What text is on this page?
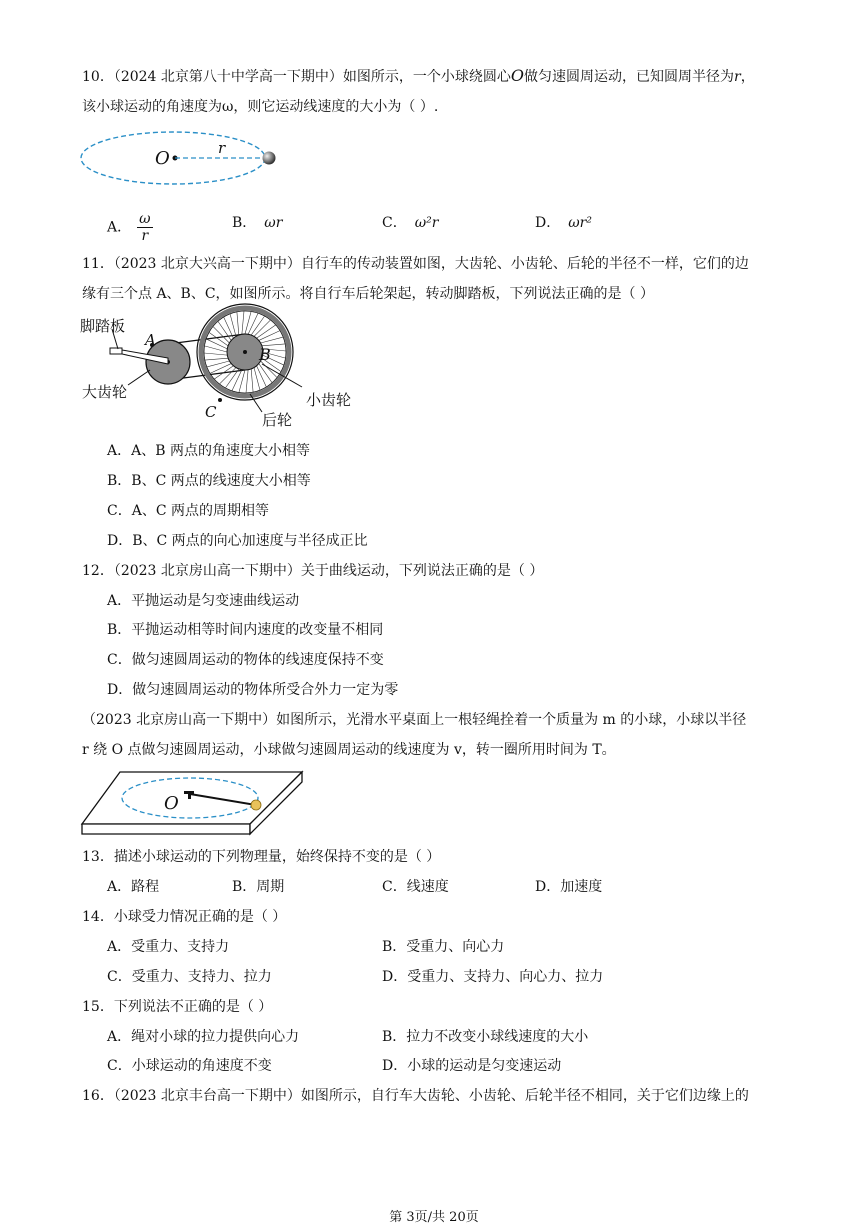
10．（2024 北京第八十中学高一下期中）如图所示，一个小球绕圆心O做匀速圆周运动，已知圆周半径为r，
该小球运动的角速度为ω，则它运动线速度的大小为（ ）.
O	r
A． $\frac{\omega}{r}$	B． ωr	C． ω²r	D． ωr²
11．（2023 北京大兴高一下期中）自行车的传动装置如图，大齿轮、小齿轮、后轮的半径不一样，它们的边
缘有三个点 A、B、C，如图所示。将自行车后轮架起，转动脚踏板，下列说法正确的是（ ）
脚踏板
A
B
大齿轮	小齿轮
C	后轮
A．A、B 两点的角速度大小相等
B．B、C 两点的线速度大小相等
C．A、C 两点的周期相等
D．B、C 两点的向心加速度与半径成正比
12．（2023 北京房山高一下期中）关于曲线运动，下列说法正确的是（ ）
A．平抛运动是匀变速曲线运动
B．平抛运动相等时间内速度的改变量不相同
C．做匀速圆周运动的物体的线速度保持不变
D．做匀速圆周运动的物体所受合外力一定为零
（2023 北京房山高一下期中）如图所示，光滑水平桌面上一根轻绳拴着一个质量为 m 的小球，小球以半径
r 绕 O 点做匀速圆周运动，小球做匀速圆周运动的线速度为 v，转一圈所用时间为 T。
O
13．描述小球运动的下列物理量，始终保持不变的是（ ）
A．路程	B．周期	C．线速度	D．加速度
14．小球受力情况正确的是（ ）
A．受重力、支持力	B．受重力、向心力
C．受重力、支持力、拉力	D．受重力、支持力、向心力、拉力
15．下列说法不正确的是（ ）
A．绳对小球的拉力提供向心力	B．拉力不改变小球线速度的大小
C．小球运动的角速度不变	D．小球的运动是匀变速运动
16．（2023 北京丰台高一下期中）如图所示，自行车大齿轮、小齿轮、后轮半径不相同，关于它们边缘上的
第 3页/共 20页
